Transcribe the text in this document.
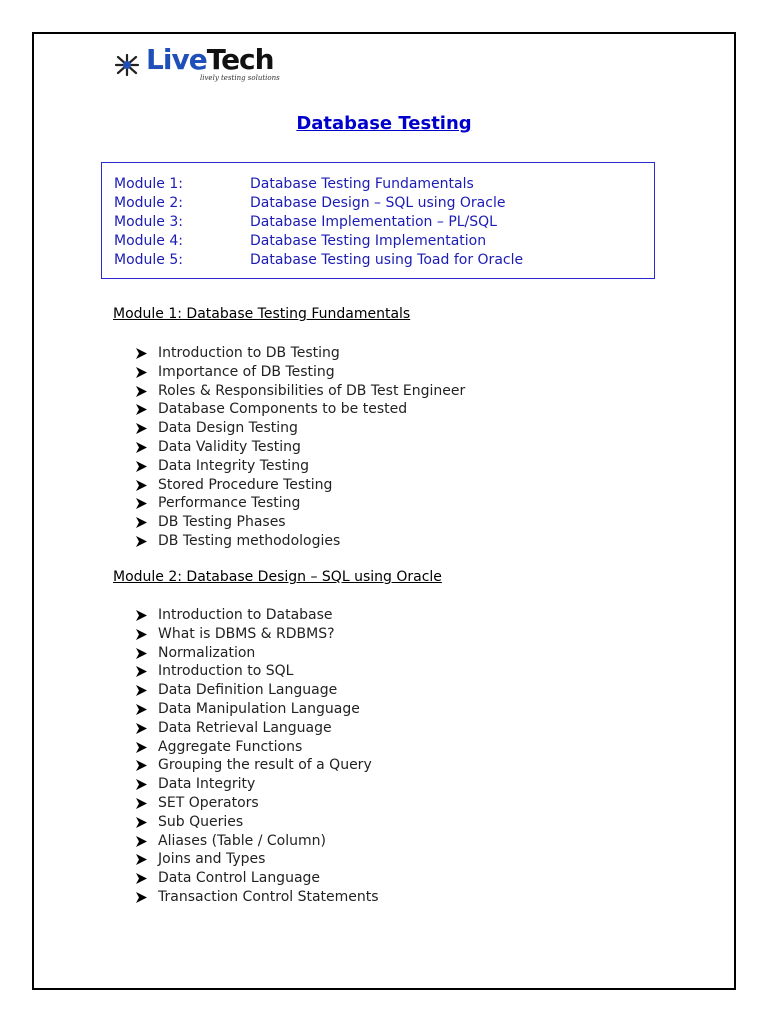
LiveTech
lively testing solutions
Database Testing
Module 1:	Database Testing Fundamentals
Module 2:	Database Design – SQL using Oracle
Module 3:	Database Implementation – PL/SQL
Module 4:	Database Testing Implementation
Module 5:	Database Testing using Toad for Oracle
Module 1: Database Testing Fundamentals
Introduction to DB Testing
Importance of DB Testing
Roles & Responsibilities of DB Test Engineer
Database Components to be tested
Data Design Testing
Data Validity Testing
Data Integrity Testing
Stored Procedure Testing
Performance Testing
DB Testing Phases
DB Testing methodologies
Module 2: Database Design – SQL using Oracle
Introduction to Database
What is DBMS & RDBMS?
Normalization
Introduction to SQL
Data Definition Language
Data Manipulation Language
Data Retrieval Language
Aggregate Functions
Grouping the result of a Query
Data Integrity
SET Operators
Sub Queries
Aliases (Table / Column)
Joins and Types
Data Control Language
Transaction Control Statements
